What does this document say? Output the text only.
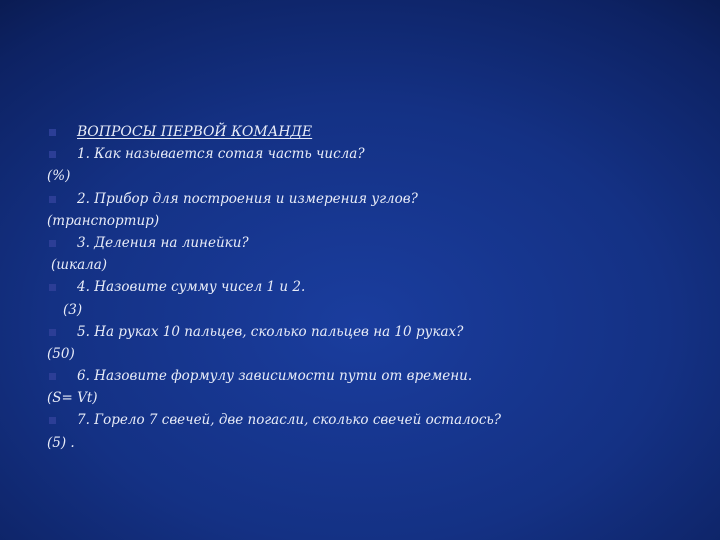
ВОПРОСЫ ПЕРВОЙ КОМАНДЕ
1. Как называется сотая часть числа?
(%)
2. Прибор для построения и измерения углов?
(транспортир)
3. Деления на линейки?
(шкала)
4. Назовите сумму чисел 1 и 2.
(3)
5. На руках 10 пальцев, сколько пальцев на 10 руках?
(50)
6. Назовите формулу зависимости пути от времени.
(S= Vt)
7. Горело 7 свечей, две погасли, сколько свечей осталось?
(5) .
